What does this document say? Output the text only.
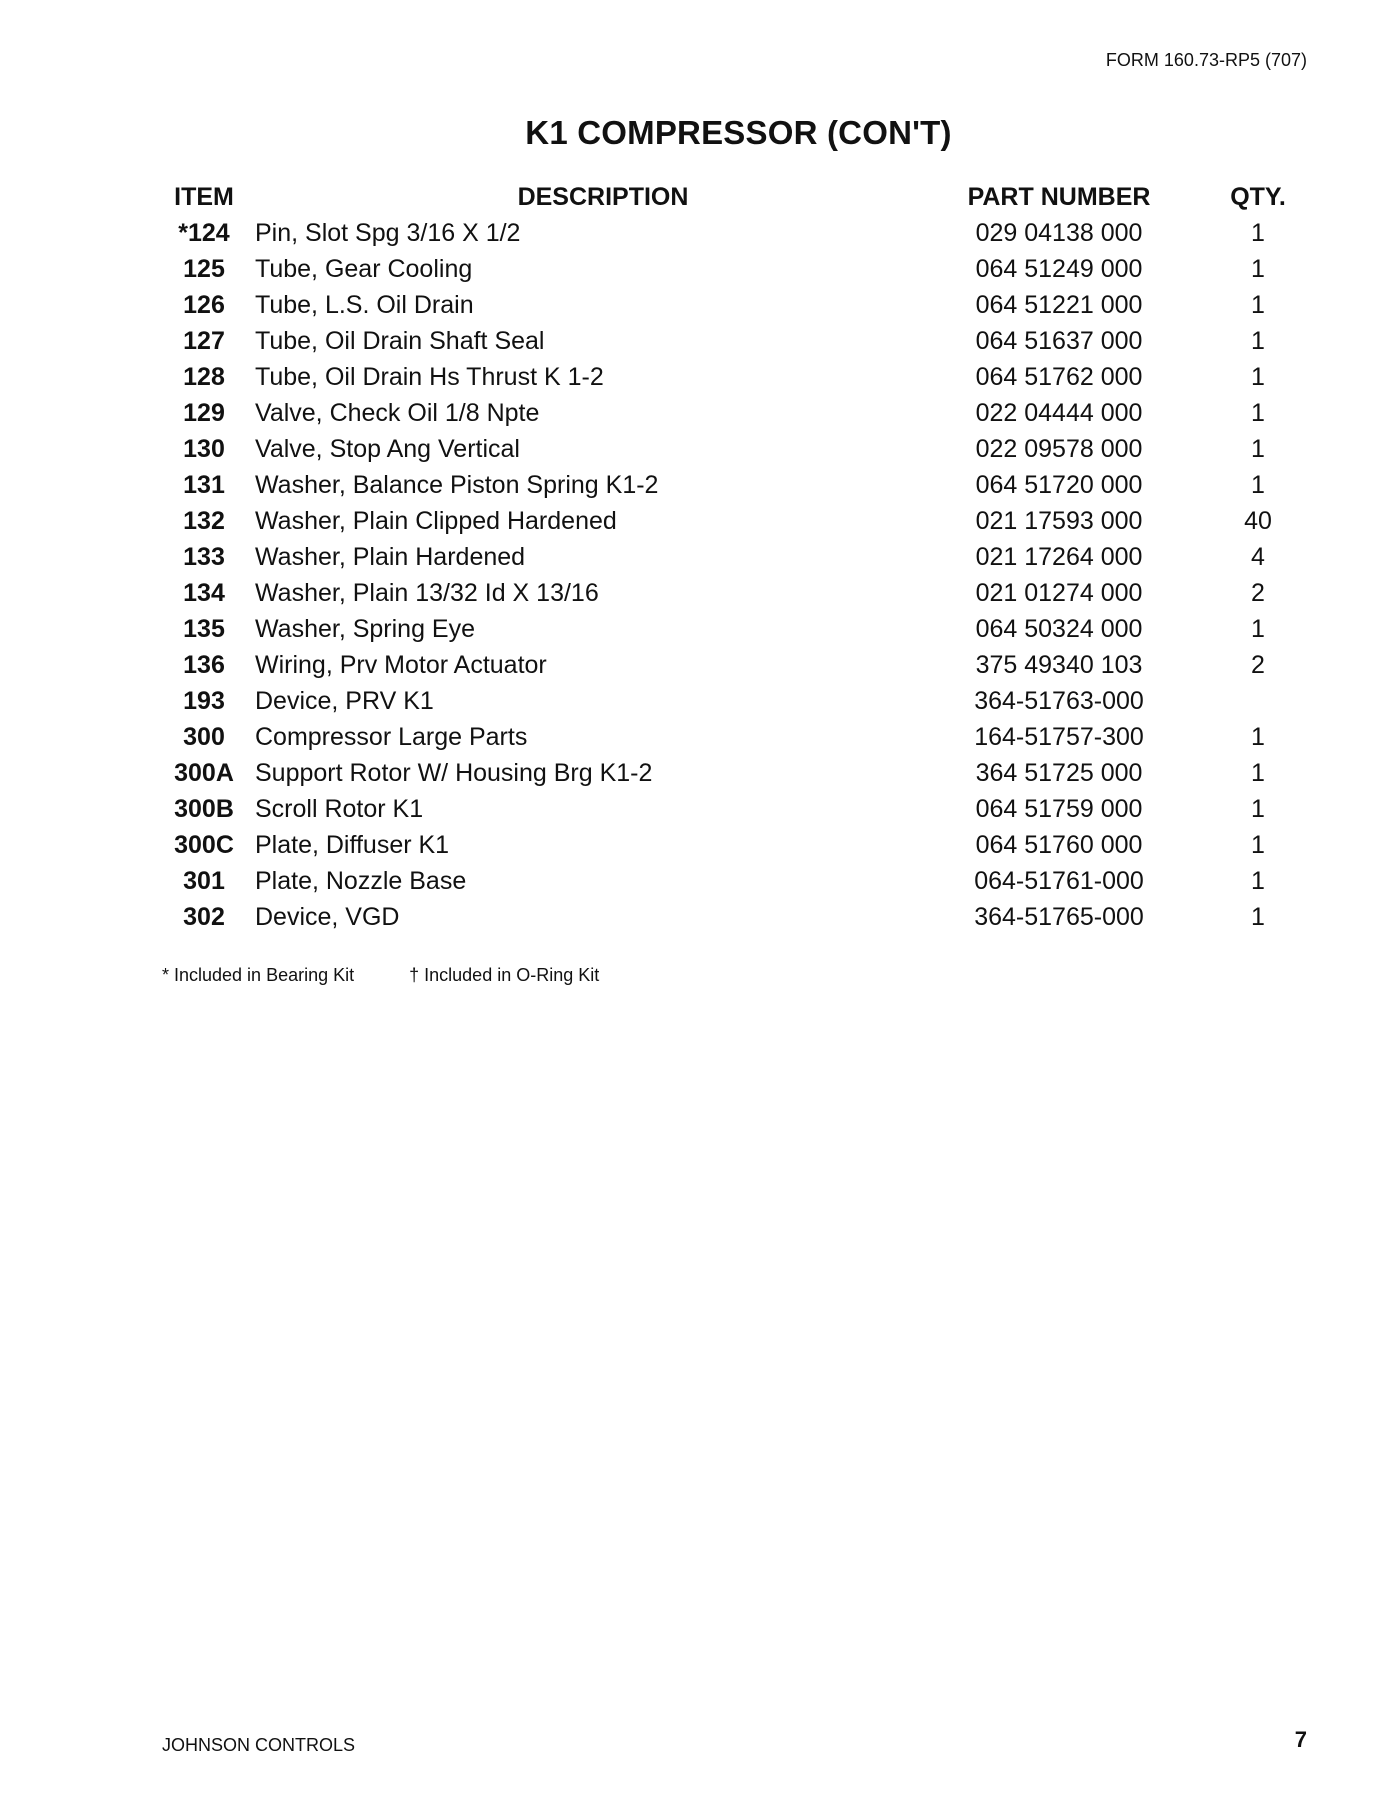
FORM 160.73-RP5 (707)
K1 COMPRESSOR (CON'T)
ITEM	DESCRIPTION	PART NUMBER	QTY.
*124	Pin, Slot Spg 3/16 X 1/2	029 04138 000	1
125	Tube, Gear Cooling	064 51249 000	1
126	Tube, L.S. Oil Drain	064 51221 000	1
127	Tube, Oil Drain Shaft Seal	064 51637 000	1
128	Tube, Oil Drain Hs Thrust K 1-2	064 51762 000	1
129	Valve, Check Oil 1/8 Npte	022 04444 000	1
130	Valve, Stop Ang Vertical	022 09578 000	1
131	Washer, Balance Piston Spring K1-2	064 51720 000	1
132	Washer, Plain Clipped Hardened	021 17593 000	40
133	Washer, Plain Hardened	021 17264 000	4
134	Washer, Plain 13/32 Id X 13/16	021 01274 000	2
135	Washer, Spring Eye	064 50324 000	1
136	Wiring, Prv Motor Actuator	375 49340 103	2
193	Device, PRV K1	364-51763-000	
300	Compressor Large Parts	164-51757-300	1
300A	Support Rotor W/ Housing Brg K1-2	364 51725 000	1
300B	Scroll Rotor K1	064 51759 000	1
300C	Plate, Diffuser K1	064 51760 000	1
301	Plate, Nozzle Base	064-51761-000	1
302	Device, VGD	364-51765-000	1
* Included in Bearing Kit	† Included in O-Ring Kit
JOHNSON CONTROLS	7
